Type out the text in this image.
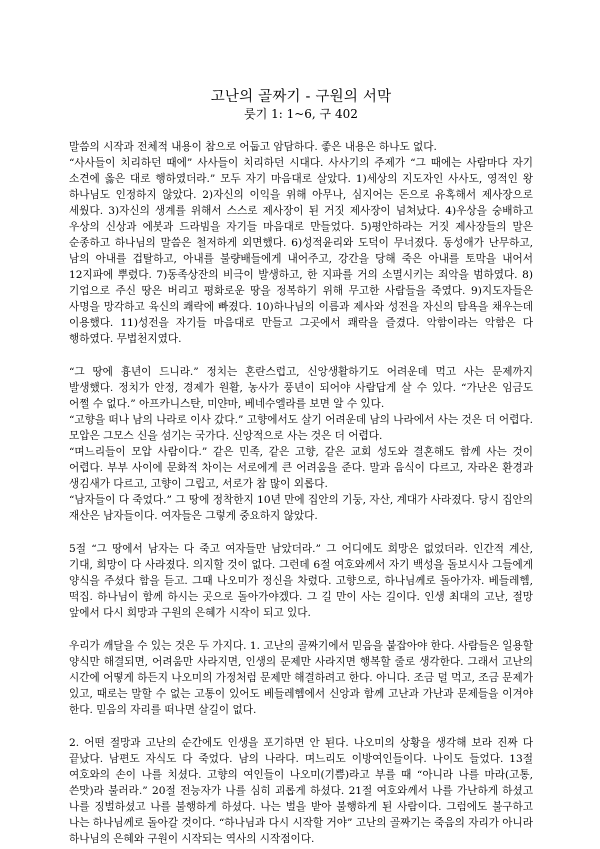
고난의 골짜기 - 구원의 서막
룻기 1: 1~6, 구 402

말씀의 시작과 전체적 내용이 참으로 어둡고 암담하다. 좋은 내용은 하나도 없다.

“사사들이 치리하던 때에” 사사들이 치리하던 시대다. 사사기의 주제가 “그 때에는 사람마다 자기 소견에 옳은 대로 행하였더라.” 모두 자기 마음대로 살았다. 1)세상의 지도자인 사사도, 영적인 왕 하나님도 인정하지 않았다. 2)자신의 이익을 위해 아무나, 심지어는 돈으로 유혹해서 제사장으로 세웠다. 3)자신의 생계를 위해서 스스로 제사장이 된 거짓 제사장이 넘쳐났다. 4)우상을 숭배하고 우상의 신상과 에봇과 드라빔을 자기들 마음대로 만들었다. 5)평안하라는 거짓 제사장들의 말은 순종하고 하나님의 말씀은 철저하게 외면했다. 6)성적윤리와 도덕이 무너졌다. 동성애가 난무하고, 남의 아내를 겁탈하고, 아내를 불량배들에게 내어주고, 강간을 당해 죽은 아내를 토막을 내어서 12지파에 뿌렸다. 7)동족상잔의 비극이 발생하고, 한 지파를 거의 소멸시키는 죄악을 범하였다. 8)기업으로 주신 땅은 버리고 평화로운 땅을 정복하기 위해 무고한 사람들을 죽였다. 9)지도자들은 사명을 망각하고 육신의 쾌락에 빠졌다. 10)하나님의 이름과 제사와 성전을 자신의 탐욕을 채우는데 이용했다. 11)성전을 자기들 마음대로 만들고 그곳에서 쾌락을 즐겼다. 악함이라는 악함은 다 행하였다. 무법천지였다.

“그 땅에 흉년이 드니라.” 정치는 혼란스럽고, 신앙생활하기도 어려운데 먹고 사는 문제까지 발생했다. 정치가 안정, 경제가 원활, 농사가 풍년이 되어야 사람답게 살 수 있다. “가난은 임금도 어쩔 수 없다.” 아프카니스탄, 미얀마, 베네수엘라를 보면 알 수 있다.

“고향을 떠나 남의 나라로 이사 갔다.” 고향에서도 살기 어려운데 남의 나라에서 사는 것은 더 어렵다. 모압은 그모스 신을 섬기는 국가다. 신앙적으로 사는 것은 더 어렵다.

“며느리들이 모압 사람이다.” 같은 민족, 같은 고향, 같은 교회 성도와 결혼해도 함께 사는 것이 어렵다. 부부 사이에 문화적 차이는 서로에게 큰 어려움을 준다. 말과 음식이 다르고, 자라온 환경과 생김새가 다르고, 고향이 그립고, 서로가 참 많이 외롭다.

“남자들이 다 죽었다.” 그 땅에 정착한지 10년 만에 집안의 기둥, 자산, 계대가 사라졌다. 당시 집안의 재산은 남자들이다. 여자들은 그렇게 중요하지 않았다.

5절 “그 땅에서 남자는 다 죽고 여자들만 남았더라.” 그 어디에도 희망은 없었더라. 인간적 계산, 기대, 희망이 다 사라졌다. 의지할 것이 없다. 그런데 6절 여호와께서 자기 백성을 돌보시사 그들에게 양식을 주셨다 함을 듣고. 그때 나오미가 정신을 차렸다. 고향으로, 하나님께로 돌아가자. 베들레헴, 떡집. 하나님이 함께 하시는 곳으로 돌아가야겠다. 그 길 만이 사는 길이다. 인생 최대의 고난, 절망 앞에서 다시 희망과 구원의 은혜가 시작이 되고 있다.

우리가 깨달을 수 있는 것은 두 가지다. 1. 고난의 골짜기에서 믿음을 붙잡아야 한다. 사람들은 일용할 양식만 해결되면, 어려움만 사라지면, 인생의 문제만 사라지면 행복할 줄로 생각한다. 그래서 고난의 시간에 어떻게 하든지 나오미의 가정처럼 문제만 해결하려고 한다. 아니다. 조금 덜 먹고, 조금 문제가 있고, 때로는 말할 수 없는 고통이 있어도 베들레헴에서 신앙과 함께 고난과 가난과 문제들을 이겨야 한다. 믿음의 자리를 떠나면 살길이 없다.

2. 어떤 절망과 고난의 순간에도 인생을 포기하면 안 된다. 나오미의 상황을 생각해 보라 진짜 다 끝났다. 남편도 자식도 다 죽었다. 남의 나라다. 며느리도 이방여인들이다. 나이도 들었다. 13절 여호와의 손이 나를 치셨다. 고향의 여인들이 나오미(기쁨)라고 부를 때 “아니라 나를 마라(고통, 쓴맛)라 불러라.” 20절 전능자가 나를 심히 괴롭게 하셨다. 21절 여호와께서 나를 가난하게 하셨고 나를 징벌하셨고 나를 불행하게 하셨다. 나는 벌을 받아 불행하게 된 사람이다. 그럼에도 불구하고 나는 하나님께로 돌아갈 것이다. “하나님과 다시 시작할 거야” 고난의 골짜기는 죽음의 자리가 아니라 하나님의 은혜와 구원이 시작되는 역사의 시작점이다.
